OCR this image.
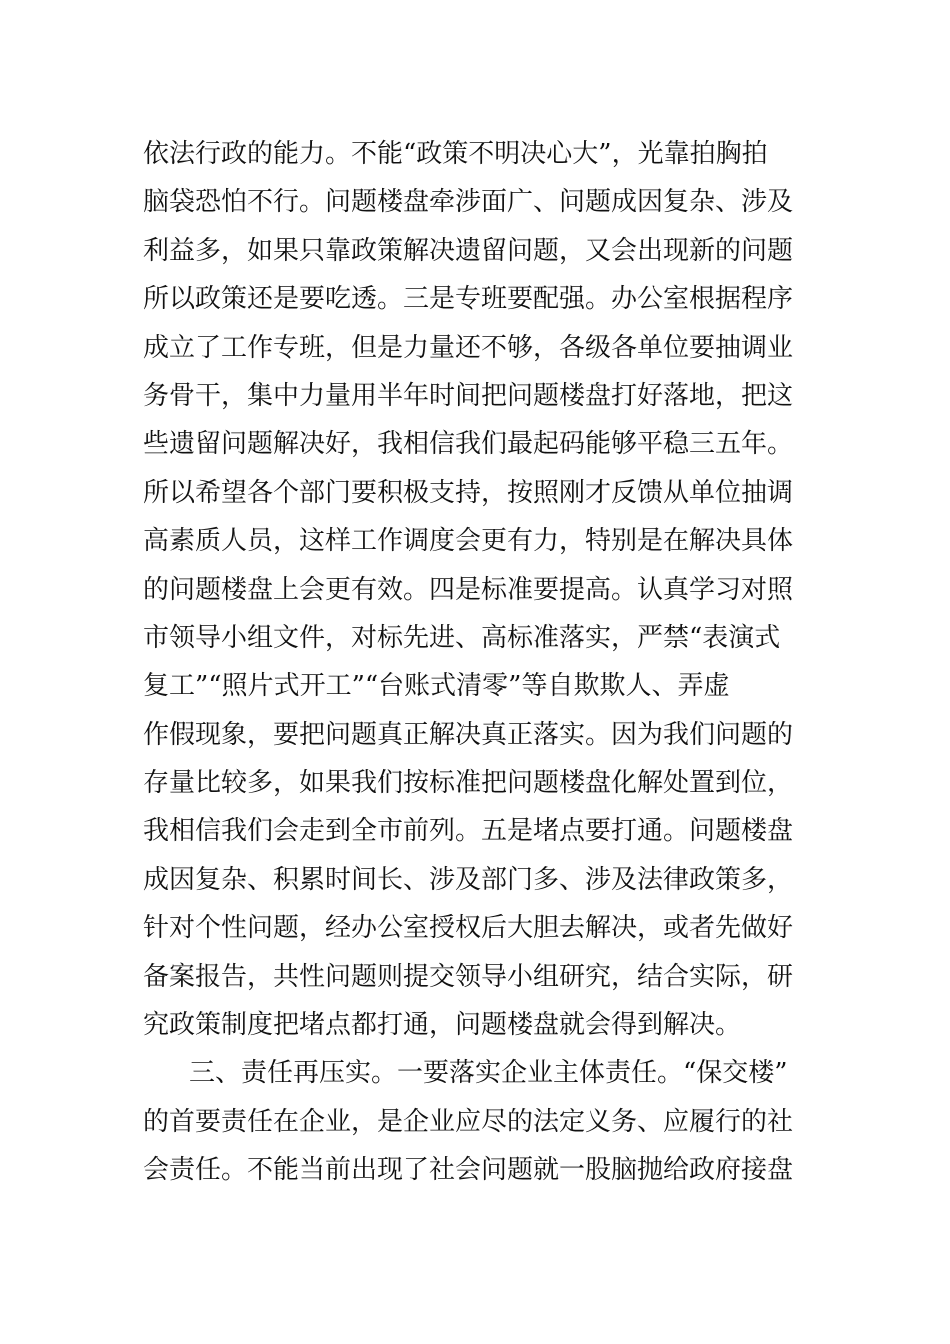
依法行政的能力。不能“政策不明决心大”，光靠拍胸拍
脑袋恐怕不行。问题楼盘牵涉面广、问题成因复杂、涉及
利益多，如果只靠政策解决遗留问题，又会出现新的问题
所以政策还是要吃透。三是专班要配强。办公室根据程序
成立了工作专班，但是力量还不够，各级各单位要抽调业
务骨干，集中力量用半年时间把问题楼盘打好落地，把这
些遗留问题解决好，我相信我们最起码能够平稳三五年。
所以希望各个部门要积极支持，按照刚才反馈从单位抽调
高素质人员，这样工作调度会更有力，特别是在解决具体
的问题楼盘上会更有效。四是标准要提高。认真学习对照
市领导小组文件，对标先进、高标准落实，严禁“表演式
复工”“照片式开工”“台账式清零”等自欺欺人、弄虚
作假现象，要把问题真正解决真正落实。因为我们问题的
存量比较多，如果我们按标准把问题楼盘化解处置到位，
我相信我们会走到全市前列。五是堵点要打通。问题楼盘
成因复杂、积累时间长、涉及部门多、涉及法律政策多，
针对个性问题，经办公室授权后大胆去解决，或者先做好
备案报告，共性问题则提交领导小组研究，结合实际，研
究政策制度把堵点都打通，问题楼盘就会得到解决。
三、责任再压实。一要落实企业主体责任。“保交楼”
的首要责任在企业，是企业应尽的法定义务、应履行的社
会责任。不能当前出现了社会问题就一股脑抛给政府接盘
